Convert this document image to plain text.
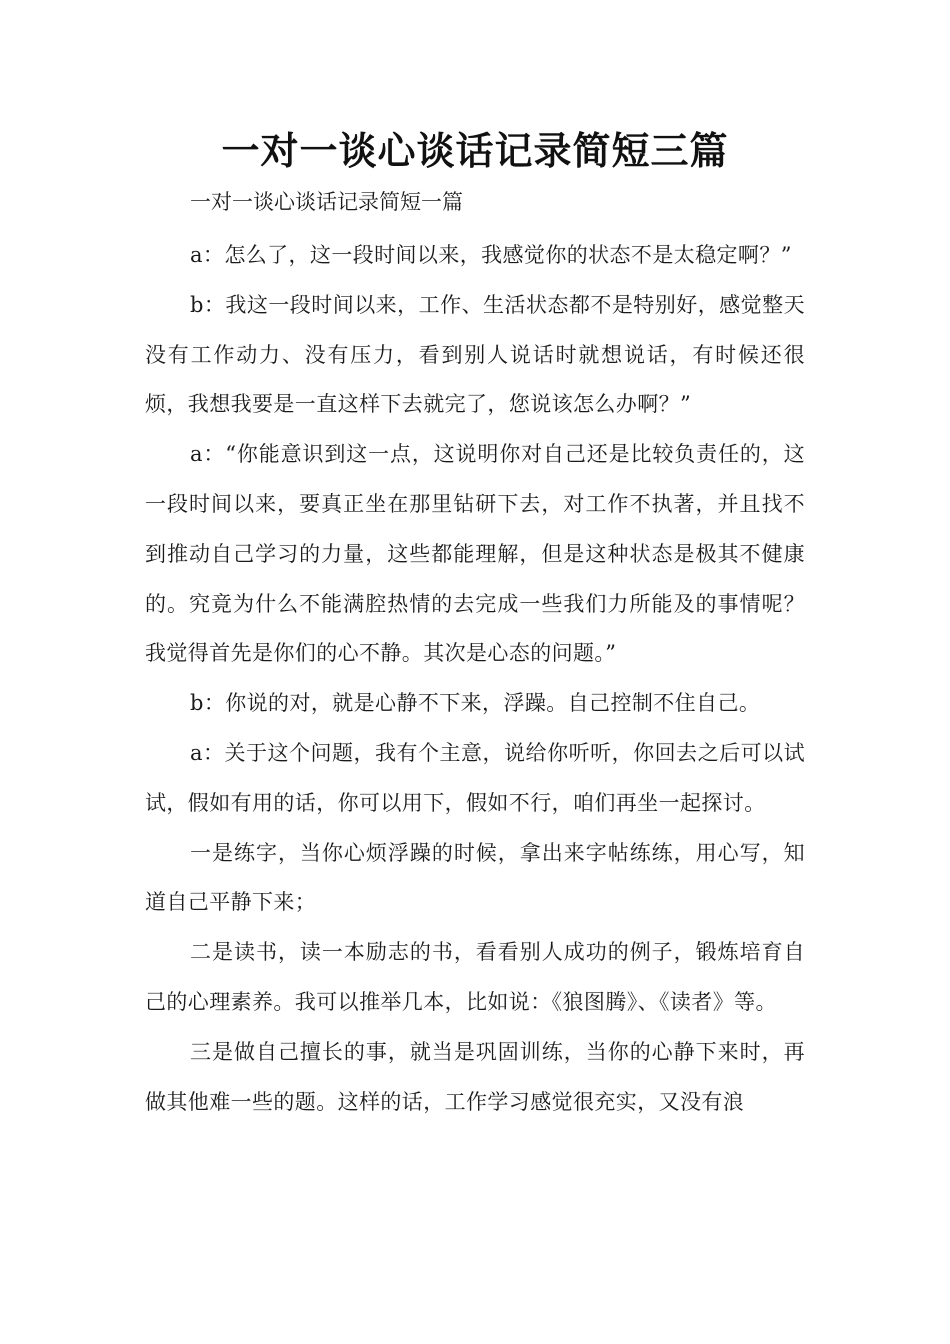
一对一谈心谈话记录简短三篇

一对一谈心谈话记录简短一篇

a：怎么了，这一段时间以来，我感觉你的状态不是太稳定啊？”

b：我这一段时间以来，工作、生活状态都不是特别好，感觉整天没有工作动力、没有压力，看到别人说话时就想说话，有时候还很烦，我想我要是一直这样下去就完了，您说该怎么办啊？”

a：“你能意识到这一点，这说明你对自己还是比较负责任的，这一段时间以来，要真正坐在那里钻研下去，对工作不执著，并且找不到推动自己学习的力量，这些都能理解，但是这种状态是极其不健康的。究竟为什么不能满腔热情的去完成一些我们力所能及的事情呢？我觉得首先是你们的心不静。其次是心态的问题。”

b：你说的对，就是心静不下来，浮躁。自己控制不住自己。

a：关于这个问题，我有个主意，说给你听听，你回去之后可以试试，假如有用的话，你可以用下，假如不行，咱们再坐一起探讨。

一是练字，当你心烦浮躁的时候，拿出来字帖练练，用心写，知道自己平静下来；

二是读书，读一本励志的书，看看别人成功的例子，锻炼培育自己的心理素养。我可以推举几本，比如说：《狼图腾》、《读者》等。

三是做自己擅长的事，就当是巩固训练，当你的心静下来时，再做其他难一些的题。这样的话，工作学习感觉很充实，又没有浪
